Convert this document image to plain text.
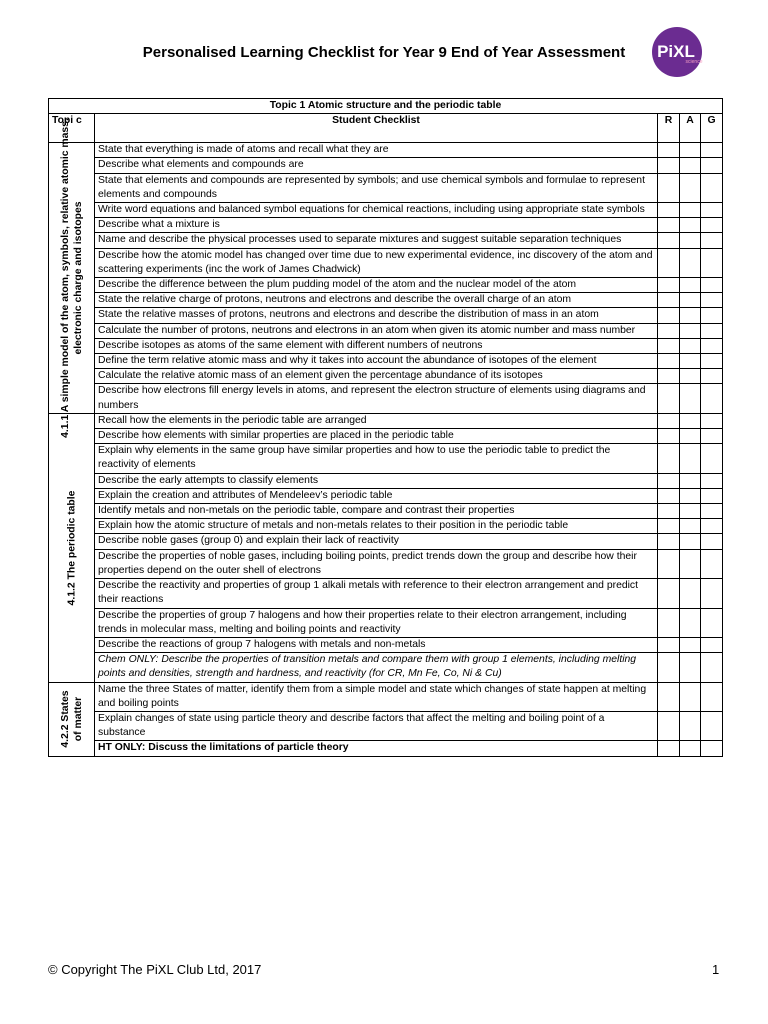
Personalised Learning Checklist for Year 9 End of Year Assessment	PiXL
science
Topic 1 Atomic structure and the periodic table				
Topi c	Student Checklist	R	A	G

4.1.1 A simple model of the atom, symbols, relative atomic mass, electronic charge and isotopes	State that everything is made of atoms and recall what they are			
	Describe what elements and compounds are			
	State that elements and compounds are represented by symbols; and use chemical symbols and formulae to represent elements and compounds			
	Write word equations and balanced symbol equations for chemical reactions, including using appropriate state symbols			
	Describe what a mixture is			
	Name and describe the physical processes used to separate mixtures and suggest suitable separation techniques			
	Describe how the atomic model has changed over time due to new experimental evidence, inc discovery of the atom and scattering experiments (inc the work of James Chadwick)			
	Describe the difference between the plum pudding model of the atom and the nuclear model of the atom			
	State the relative charge of protons, neutrons and electrons and describe the overall charge of an atom			
	State the relative masses of protons, neutrons and electrons and describe the distribution of mass in an atom			
	Calculate the number of protons, neutrons and electrons in an atom when given its atomic number and mass number			
	Describe isotopes as atoms of the same element with different numbers of neutrons			
	Define the term relative atomic mass and why it takes into account the abundance of isotopes of the element			
	Calculate the relative atomic mass of an element given the percentage abundance of its isotopes			
	Describe how electrons fill energy levels in atoms, and represent the electron structure of elements using diagrams and numbers			

4.1.2 The periodic table	Recall how the elements in the periodic table are arranged			
	Describe how elements with similar properties are placed in the periodic table			
	Explain why elements in the same group have similar properties and how to use the periodic table to predict the reactivity of elements			
	Describe the early attempts to classify elements			
	Explain the creation and attributes of Mendeleev’s periodic table			
	Identify metals and non-metals on the periodic table, compare and contrast their properties			
	Explain how the atomic structure of metals and non-metals relates to their position in the periodic table			
	Describe noble gases (group 0) and explain their lack of reactivity			
	Describe the properties of noble gases, including boiling points, predict trends down the group and describe how their properties depend on the outer shell of electrons			
	Describe the reactivity and properties of group 1 alkali metals with reference to their electron arrangement and predict their reactions			
	Describe the properties of group 7 halogens and how their properties relate to their electron arrangement, including trends in molecular mass, melting and boiling points and reactivity			
	Describe the reactions of group 7 halogens with metals and non-metals			
	Chem ONLY: Describe the properties of transition metals and compare them with group 1 elements, including melting points and densities, strength and hardness, and reactivity (for CR, Mn Fe, Co, Ni & Cu)			

4.2.2 States of matter	Name the three States of matter, identify them from a simple model and state which changes of state happen at melting and boiling points			
	Explain changes of state using particle theory and describe factors that affect the melting and boiling point of a substance			
	HT ONLY: Discuss the limitations of particle theory			
© Copyright The PiXL Club Ltd, 2017	1
